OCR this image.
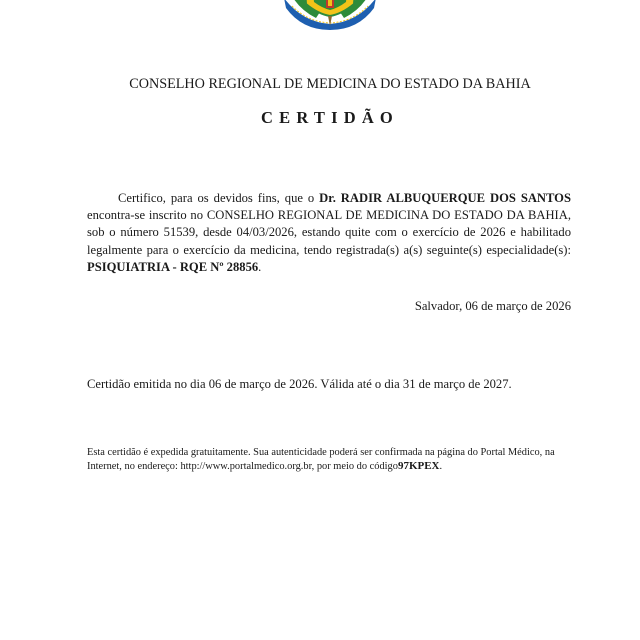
CONSELHO REGIONAL DE MEDICINA DO ESTADO DA BAHIA
CERTIDÃO

Certifico, para os devidos fins, que o Dr. RADIR ALBUQUERQUE DOS SANTOS encontra-se inscrito no CONSELHO REGIONAL DE MEDICINA DO ESTADO DA BAHIA, sob o número 51539, desde 04/03/2026, estando quite com o exercício de 2026 e habilitado legalmente para o exercício da medicina, tendo registrada(s) a(s) seguinte(s) especialidade(s): PSIQUIATRIA - RQE Nº 28856.

Salvador, 06 de março de 2026
Certidão emitida no dia 06 de março de 2026. Válida até o dia 31 de março de 2027.

Esta certidão é expedida gratuitamente. Sua autenticidade poderá ser confirmada na página do Portal Médico, na Internet, no endereço: http://www.portalmedico.org.br, por meio do código97KPEX.
